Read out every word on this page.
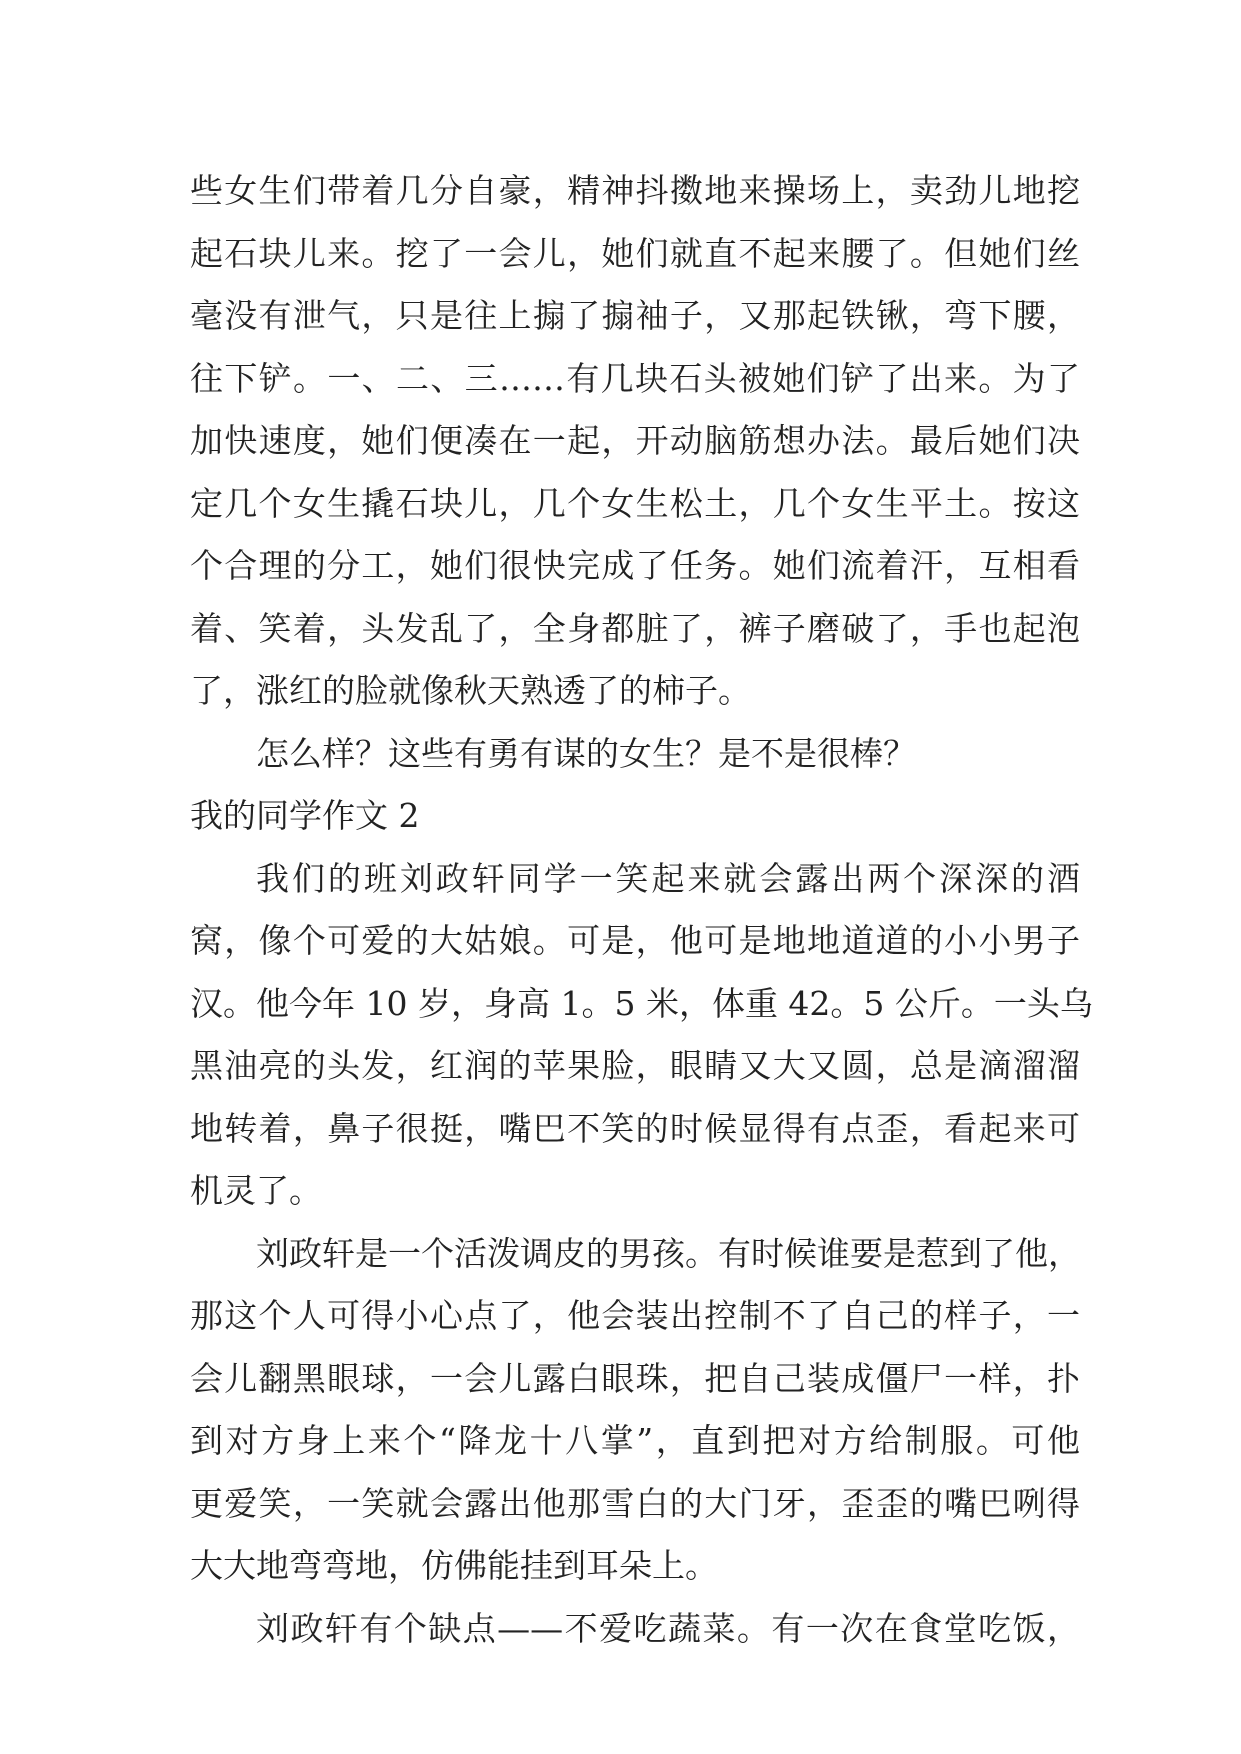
些女生们带着几分自豪，精神抖擞地来操场上，卖劲儿地挖
起石块儿来。挖了一会儿，她们就直不起来腰了。但她们丝
毫没有泄气，只是往上搧了搧袖子，又那起铁锹，弯下腰，
往下铲。一、二、三……有几块石头被她们铲了出来。为了
加快速度，她们便凑在一起，开动脑筋想办法。最后她们决
定几个女生撬石块儿，几个女生松土，几个女生平土。按这
个合理的分工，她们很快完成了任务。她们流着汗，互相看
着、笑着，头发乱了，全身都脏了，裤子磨破了，手也起泡
了，涨红的脸就像秋天熟透了的柿子。
怎么样？这些有勇有谋的女生？是不是很棒？
我的同学作文 2
我们的班刘政轩同学一笑起来就会露出两个深深的酒
窝，像个可爱的大姑娘。可是，他可是地地道道的小小男子
汉。他今年 10 岁，身高 1。5 米，体重 42。5 公斤。一头乌
黑油亮的头发，红润的苹果脸，眼睛又大又圆，总是滴溜溜
地转着，鼻子很挺，嘴巴不笑的时候显得有点歪，看起来可
机灵了。
刘政轩是一个活泼调皮的男孩。有时候谁要是惹到了他，
那这个人可得小心点了，他会装出控制不了自己的样子，一
会儿翻黑眼球，一会儿露白眼珠，把自己装成僵尸一样，扑
到对方身上来个“降龙十八掌”，直到把对方给制服。可他
更爱笑，一笑就会露出他那雪白的大门牙，歪歪的嘴巴咧得
大大地弯弯地，仿佛能挂到耳朵上。
刘政轩有个缺点——不爱吃蔬菜。有一次在食堂吃饭，
